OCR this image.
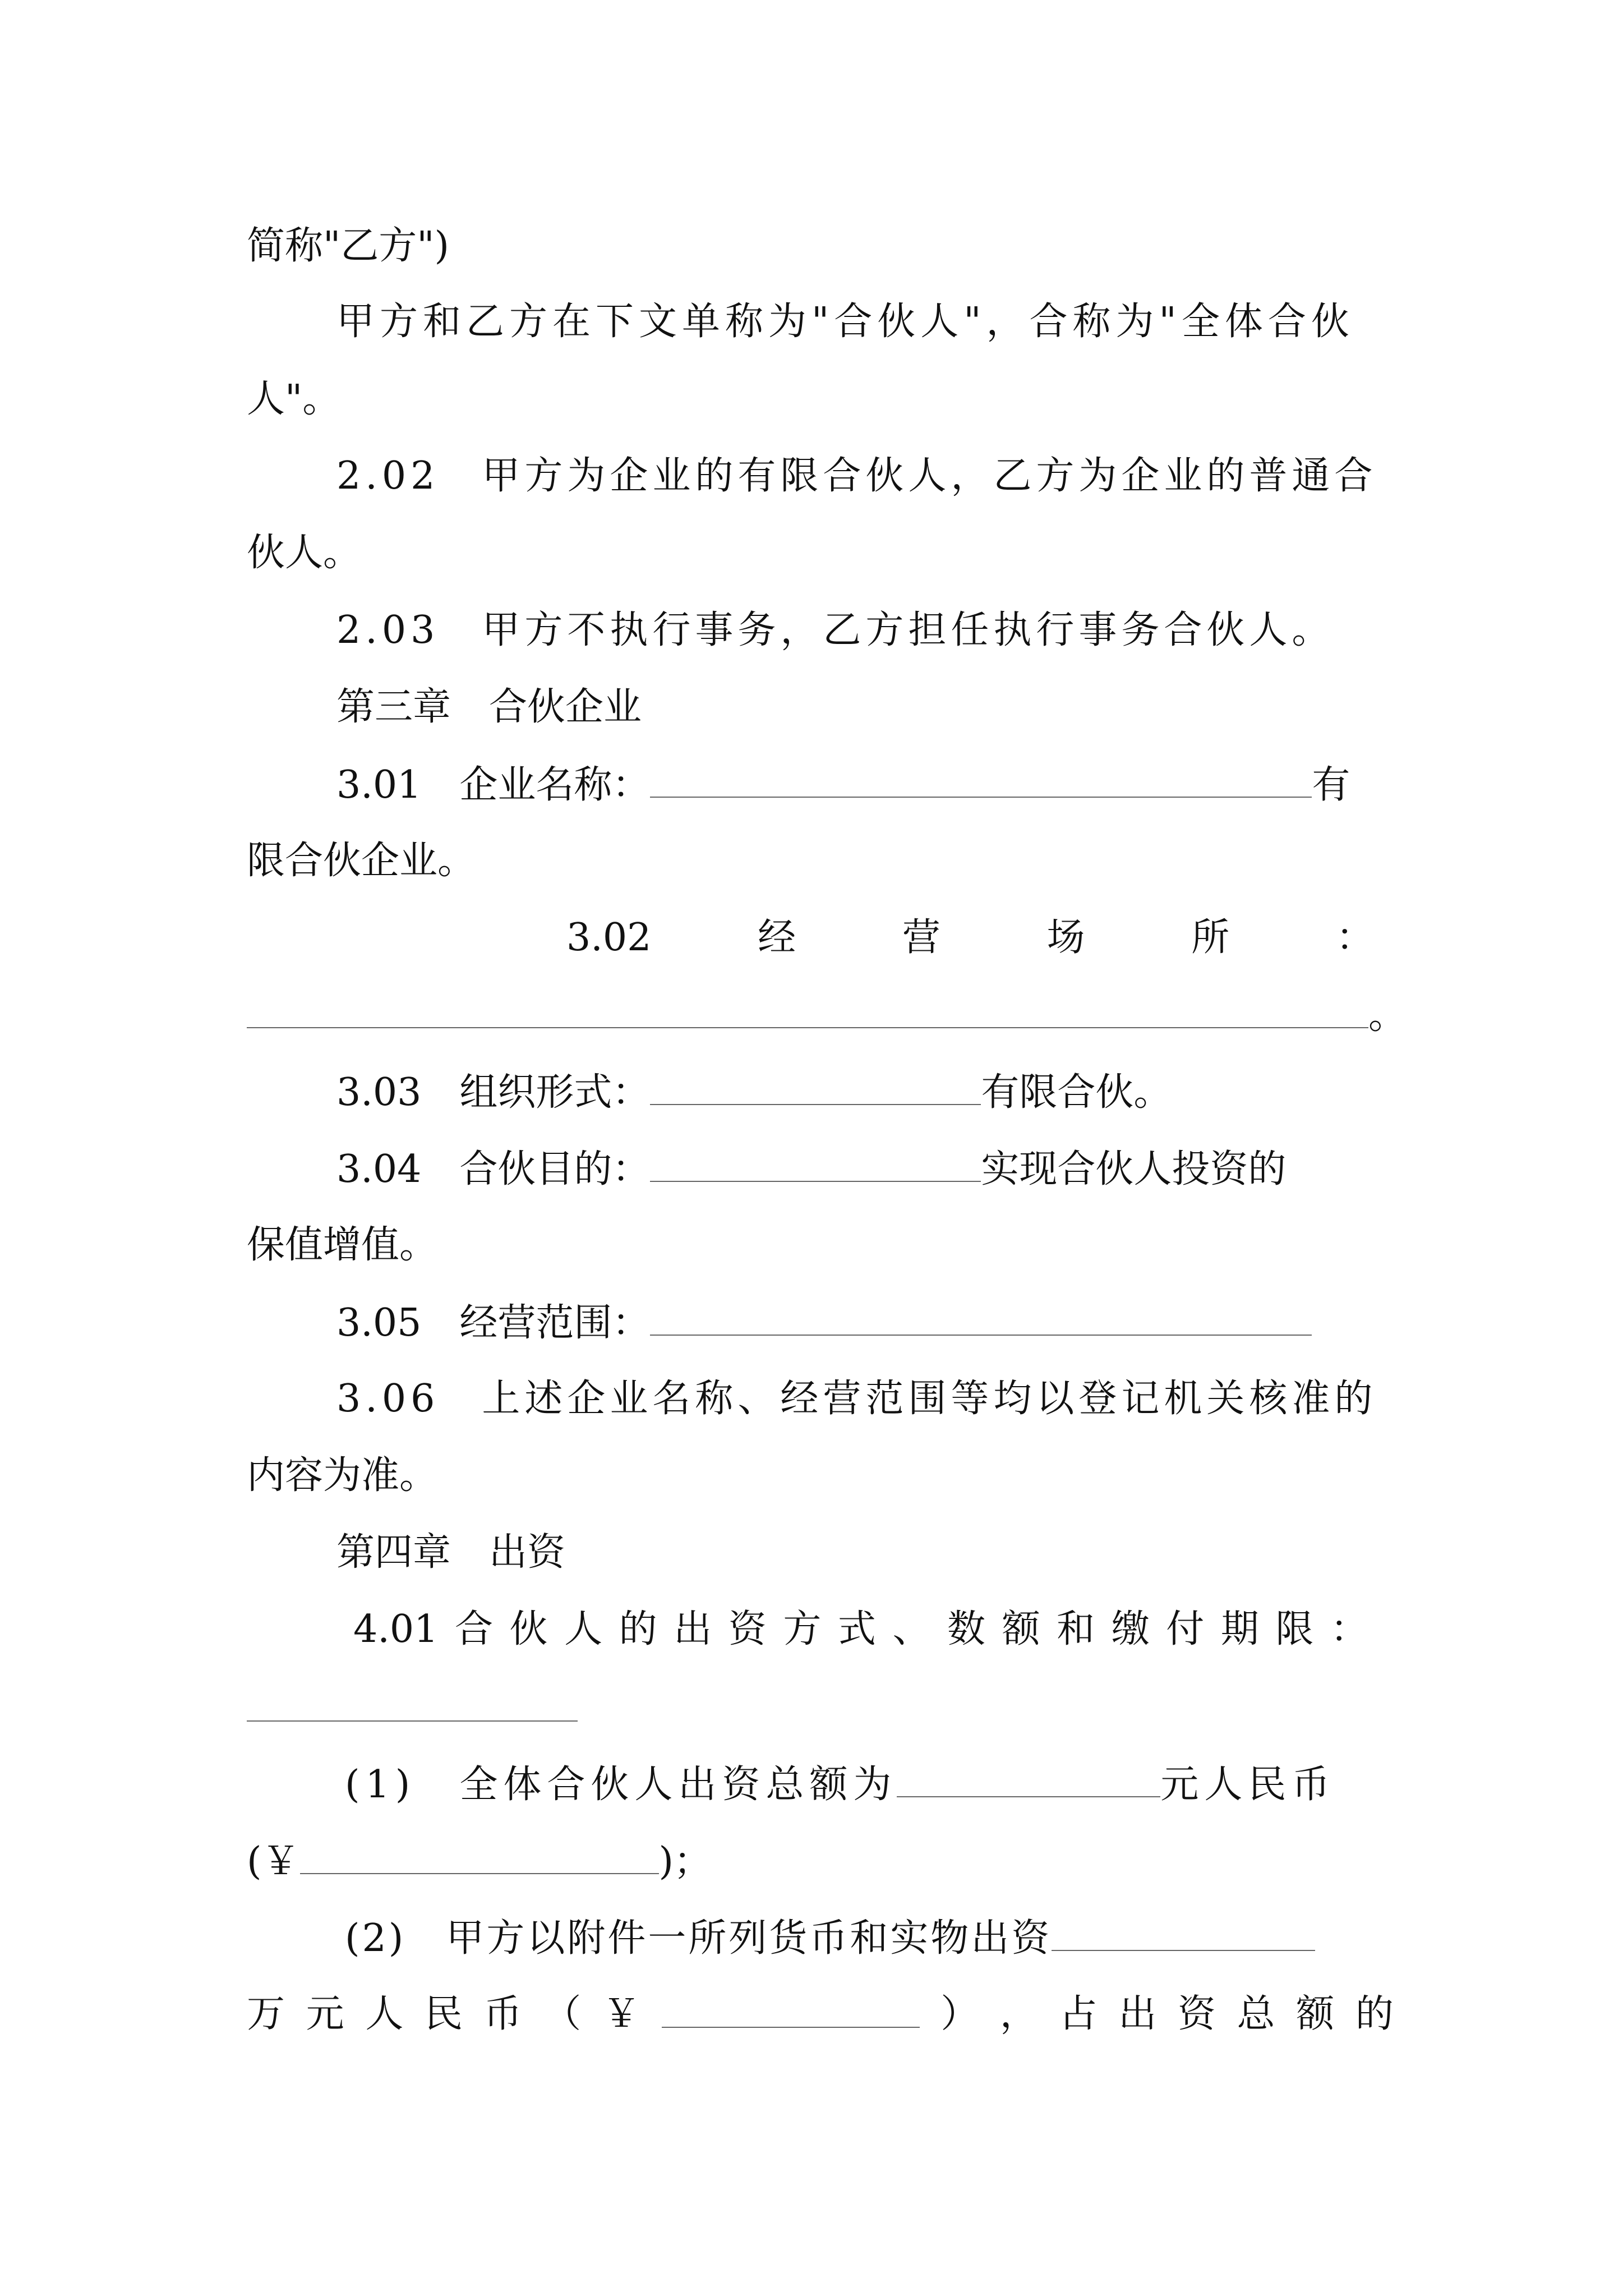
简称"乙方")
甲方和乙方在下文单称为"合伙人"，合称为"全体合伙
人"。
2.02　甲方为企业的有限合伙人，乙方为企业的普通合
伙人。
2.03　甲方不执行事务，乙方担任执行事务合伙人。
第三章　合伙企业
3.01　企业名称：	有
限合伙企业。
3.02	经	营	场	所	：
。
3.03　组织形式：	有限合伙。
3.04　合伙目的：	实现合伙人投资的
保值增值。
3.05　经营范围：
3.06　上述企业名称、经营范围等均以登记机关核准的
内容为准。
第四章　出资
4.01 合 伙 人 的 出 资 方 式 、 数 额 和 缴 付 期 限 ：
(1)　全体合伙人出资总额为	元人民币
(￥	)；
(2)　甲方以附件一所列货币和实物出资
万 元 人 民 币 （ ￥	） ， 占 出 资 总 额 的
